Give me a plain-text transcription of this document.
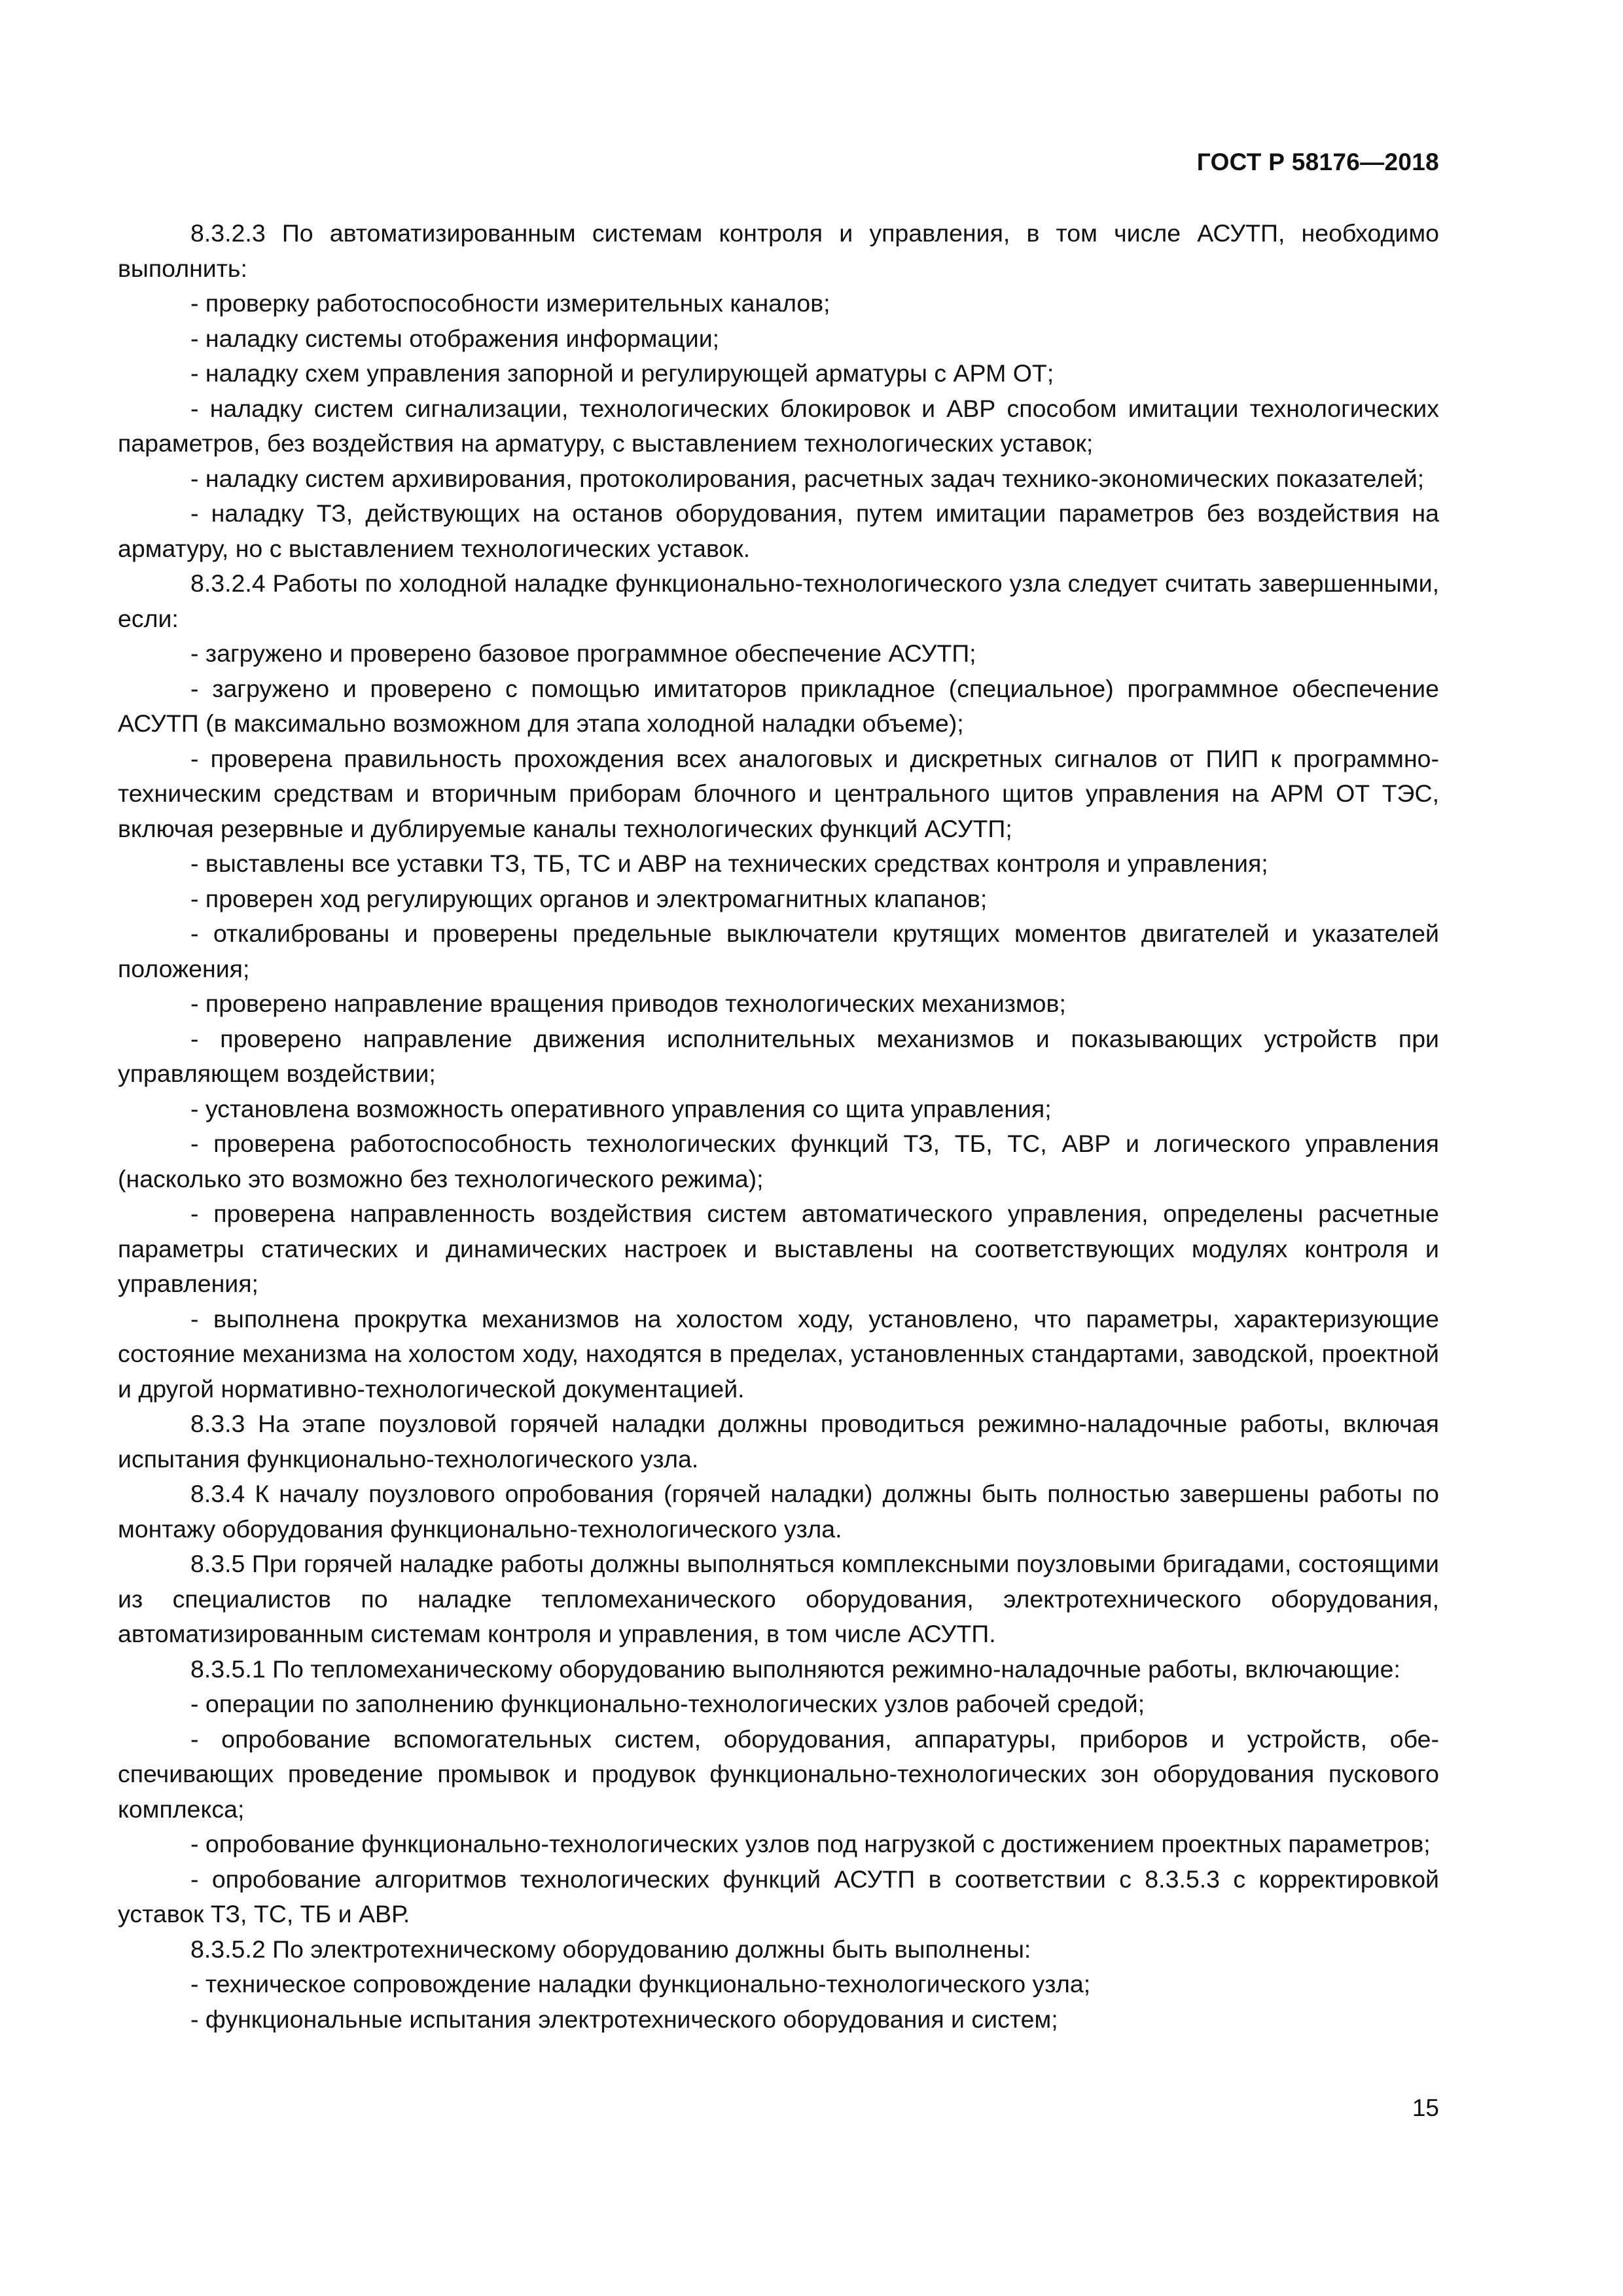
ГОСТ Р 58176—2018

8.3.2.3 По автоматизированным системам контроля и управления, в том числе АСУТП, необходимо выполнить:

- проверку работоспособности измерительных каналов;

- наладку системы отображения информации;

- наладку схем управления запорной и регулирующей арматуры с АРМ ОТ;

- наладку систем сигнализации, технологических блокировок и АВР способом имитации технологических параметров, без воздействия на арматуру, с выставлением технологических уставок;

- наладку систем архивирования, протоколирования, расчетных задач технико-экономических показателей;

- наладку ТЗ, действующих на останов оборудования, путем имитации параметров без воздействия на арматуру, но с выставлением технологических уставок.

8.3.2.4 Работы по холодной наладке функционально-технологического узла следует считать завершенными, если:

- загружено и проверено базовое программное обеспечение АСУТП;

- загружено и проверено с помощью имитаторов прикладное (специальное) программное обеспечение АСУТП (в максимально возможном для этапа холодной наладки объеме);

- проверена правильность прохождения всех аналоговых и дискретных сигналов от ПИП к программно-техническим средствам и вторичным приборам блочного и центрального щитов управления на АРМ ОТ ТЭС, включая резервные и дублируемые каналы технологических функций АСУТП;

- выставлены все уставки ТЗ, ТБ, ТС и АВР на технических средствах контроля и управления;

- проверен ход регулирующих органов и электромагнитных клапанов;

- откалиброваны и проверены предельные выключатели крутящих моментов двигателей и указателей положения;

- проверено направление вращения приводов технологических механизмов;

- проверено направление движения исполнительных механизмов и показывающих устройств при управляющем воздействии;

- установлена возможность оперативного управления со щита управления;

- проверена работоспособность технологических функций ТЗ, ТБ, ТС, АВР и логического управления (насколько это возможно без технологического режима);

- проверена направленность воздействия систем автоматического управления, определены расчетные параметры статических и динамических настроек и выставлены на соответствующих модулях контроля и управления;

- выполнена прокрутка механизмов на холостом ходу, установлено, что параметры, характеризующие состояние механизма на холостом ходу, находятся в пределах, установленных стандартами, заводской, проектной и другой нормативно-технологической документацией.

8.3.3 На этапе поузловой горячей наладки должны проводиться режимно-наладочные работы, включая испытания функционально-технологического узла.

8.3.4 К началу поузлового опробования (горячей наладки) должны быть полностью завершены работы по монтажу оборудования функционально-технологического узла.

8.3.5 При горячей наладке работы должны выполняться комплексными поузловыми бригадами, состоящими из специалистов по наладке тепломеханического оборудования, электротехнического оборудования, автоматизированным системам контроля и управления, в том числе АСУТП.

8.3.5.1 По тепломеханическому оборудованию выполняются режимно-наладочные работы, включающие:

- операции по заполнению функционально-технологических узлов рабочей средой;

- опробование вспомогательных систем, оборудования, аппаратуры, приборов и устройств, обеспечивающих проведение промывок и продувок функционально-технологических зон оборудования пускового комплекса;

- опробование функционально-технологических узлов под нагрузкой с достижением проектных параметров;

- опробование алгоритмов технологических функций АСУТП в соответствии с 8.3.5.3 с корректировкой уставок ТЗ, ТС, ТБ и АВР.

8.3.5.2 По электротехническому оборудованию должны быть выполнены:

- техническое сопровождение наладки функционально-технологического узла;

- функциональные испытания электротехнического оборудования и систем;

15
